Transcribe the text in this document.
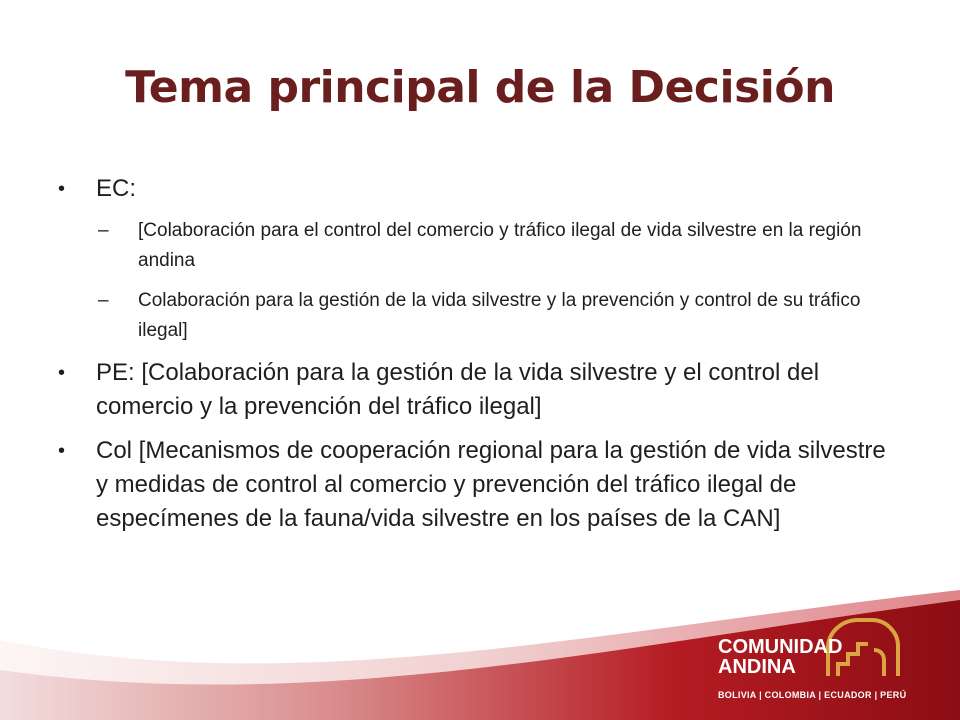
Tema principal de la Decisión
• EC:
– [Colaboración para el control del comercio y tráfico ilegal de vida silvestre en la región andina
– Colaboración para la gestión de la vida silvestre y la prevención y control de su tráfico ilegal]
• PE: [Colaboración para la gestión de la vida silvestre y el control del comercio y la prevención del tráfico ilegal]
• Col [Mecanismos de cooperación regional para la gestión de vida silvestre y medidas de control al comercio y prevención del tráfico ilegal de especímenes de la fauna/vida silvestre en los países de la CAN]
COMUNIDAD
ANDINA
BOLIVIA | COLOMBIA | ECUADOR | PERÚ
